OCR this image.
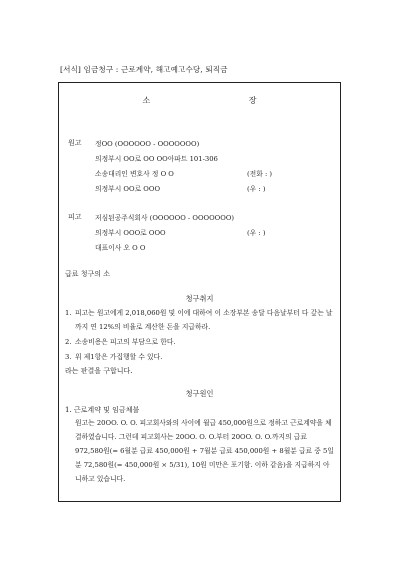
[서식] 임금청구 : 근로계약, 해고예고수당, 퇴직금
소 장
원고 정OO (OOOOOO - OOOOOOO)
의정부시 OO로 OO OO아파트 101-306
소송대리인 변호사 정 O O	(전화 : )
의정부시 OO로 OOO	(우 : )
피고 저심된공주식회사 (OOOOOO - OOOOOOO)
의정부시 OOO로 OOO	(우 : )
대표이사 오 O O
급료 청구의 소
청구취지
1. 피고는 원고에게 2,018,060원 및 이에 대하여 이 소장부본 송달 다음날부터 다 갚는 날까지 연 12%의 비율로 계산한 돈을 지급하라.
2. 소송비용은 피고의 부담으로 한다.
3. 위 제1항은 가집행할 수 있다.
라는 판결을 구합니다.
청구원인
1. 근로계약 및 임금체불
원고는 20OO. O. O. 피고회사와의 사이에 월급 450,000원으로 정하고 근로계약을 체결하였습니다. 그런데 피고회사는 20OO. O. O.부터 20OO. O. O.까지의 급료 972,580원(= 6월분 급료 450,000원 + 7월분 급료 450,000원 + 8월분 급료 중 5일분 72,580원(= 450,000원 × 5/31), 10원 미만은 포기함. 이하 같음)을 지급하지 아니하고 있습니다.
